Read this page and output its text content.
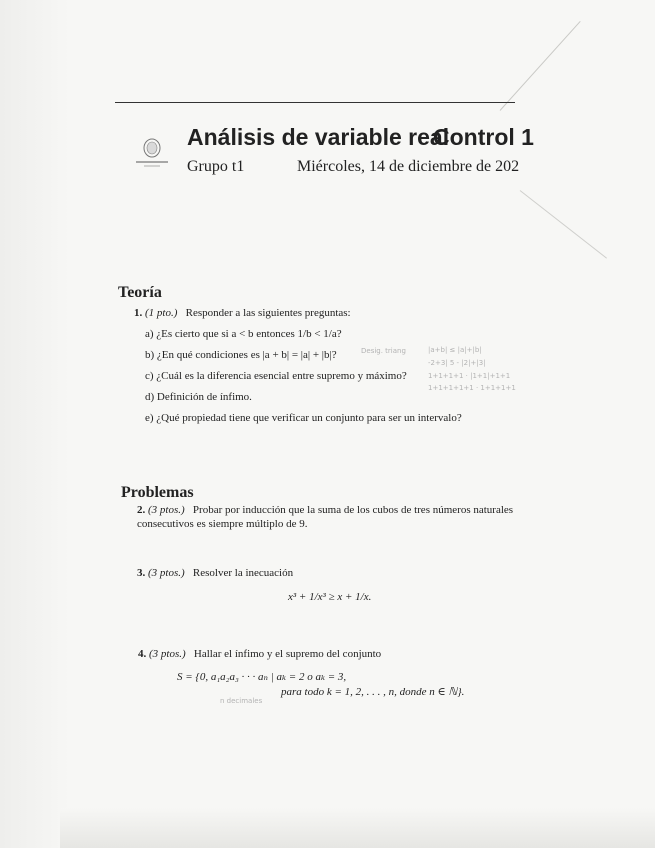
Análisis de variable real
Control 1
Grupo t1	Miércoles, 14 de diciembre de 202
Teoría
1. (1 pto.) Responder a las siguientes preguntas:
a) ¿Es cierto que si a < b entonces 1/b < 1/a?
b) ¿En qué condiciones es |a + b| = |a| + |b|?
c) ¿Cuál es la diferencia esencial entre supremo y máximo?
d) Definición de ínfimo.
e) ¿Qué propiedad tiene que verificar un conjunto para ser un intervalo?
Desig. triang	|a+b| ≤ |a|+|b|
-2+3| 5 - |2|+|3|
1+1+1+1 · |1+1|+1+1
1+1+1+1+1 · 1+1+1+1
Problemas
2. (3 ptos.) Probar por inducción que la suma de los cubos de tres números naturales
consecutivos es siempre múltiplo de 9.
3. (3 ptos.) Resolver la inecuación
x³ + 1/x³ ≥ x + 1/x.
4. (3 ptos.) Hallar el ínfimo y el supremo del conjunto
S = {0, a₁a₂a₃ · · · aₙ | aₖ = 2 o aₖ = 3,
para todo k = 1, 2, . . . , n, donde n ∈ ℕ}.
n decimales
